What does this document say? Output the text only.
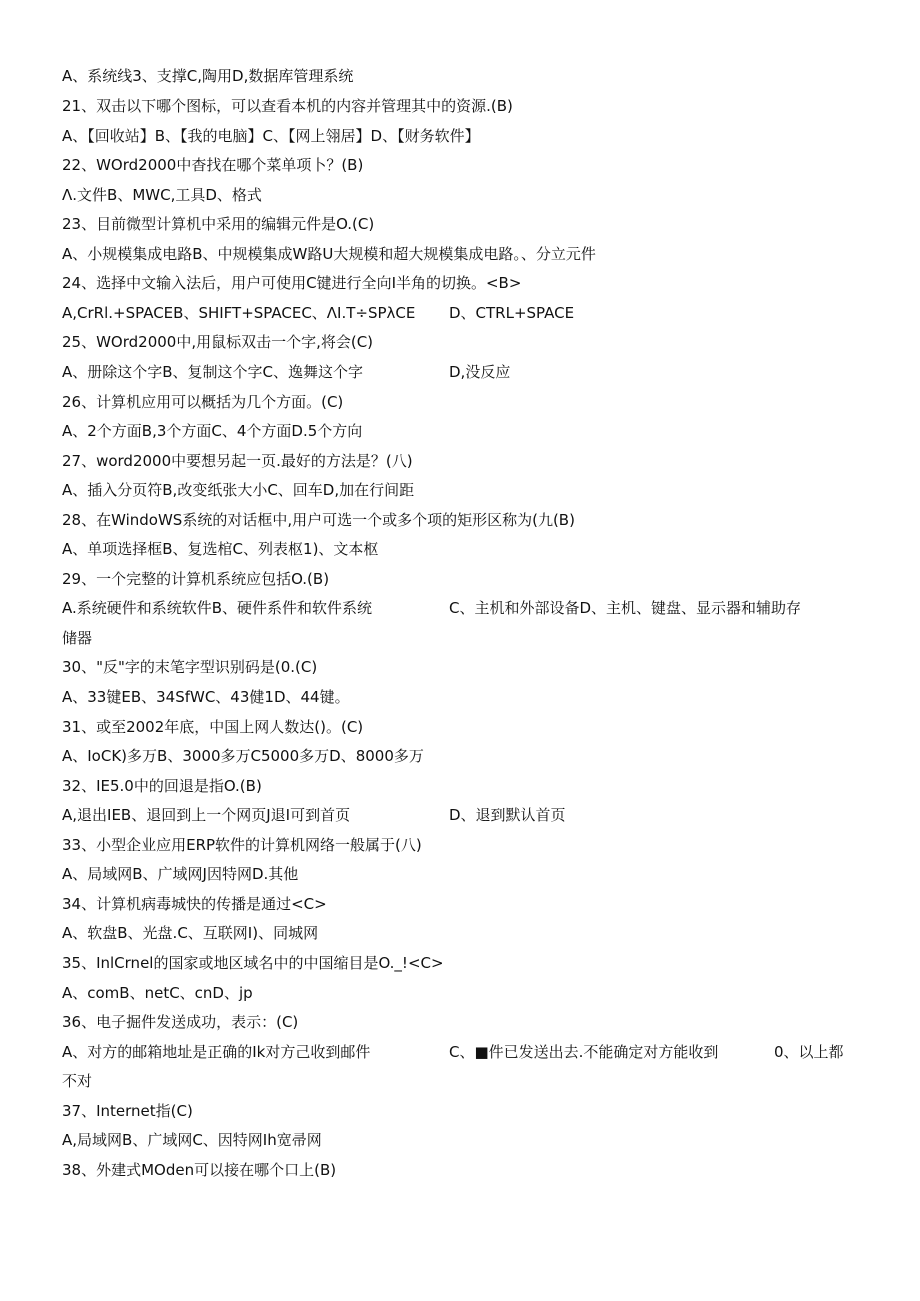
A、系统线3、支撑C,陶用D,数据库管理系统
21、双击以下哪个图标，可以查看本机的内容并管理其中的资源.(B)
A、【回收站】B、【我的电脑】C、【网上翎居】D、【财务软件】
22、WOrd2000中杳找在哪个菜单项卜？(B)
Λ.文件B、MWC,工具D、格式
23、目前微型计算机中采用的编辑元件是O.(C)
A、小规模集成电路B、中规模集成W路U大规模和超大规模集成电路。、分立元件
24、选择中文输入法后，用户可使用C键进行全向I半角的切换。<B>
A,CrRl.+SPACEB、SHIFT+SPACEC、ΛI.T÷SPλCE D、CTRL+SPACE
25、WOrd2000中,用鼠标双击一个字,将会(C)
A、册除这个字B、复制这个字C、逸舞这个字	D,没反应
26、计算机应用可以概括为几个方面。(C)
A、2个方面B,3个方面C、4个方面D.5个方向
27、word2000中要想另起一页.最好的方法是？(八)
A、插入分页符B,改变纸张大小C、回车D,加在行间距
28、在WindoWS系统的对话框中,用户可选一个或多个项的矩形区称为(九(B)
A、单项选择框B、复选棺C、列表枢1)、文本枢
29、一个完整的计算机系统应包括O.(B)
A.系统硬件和系统软件B、硬件系件和软件系统	C、主机和外部设备D、主机、键盘、显示器和辅助存
储器
30、"反"字的末笔字型识别码是(0.(C)
A、33键EB、34SfWC、43健1D、44键。
31、或至2002年底，中国上网人数达()。(C)
A、IoCK)多万B、3000多万C5000多万D、8000多万
32、IE5.0中的回退是指O.(B)
A,退出IEB、退回到上一个网页J退I可到首页	D、退到默认首页
33、小型企业应用ERP软件的计算机网络一般属于(八)
A、局域网B、广域网J因特网D.其他
34、计算机病毒城快的传播是通过<C>
A、软盘B、光盘.C、互联网I)、同城网
35、InlCrnel的国家或地区域名中的中国缩目是O._!<C>
A、comB、netC、cnD、jp
36、电子掘件发送成功，表示：(C)
A、对方的邮箱地址是正确的Ik对方己收到邮件	C、■件已发送出去.不能确定对方能收到	0、以上都
不对
37、Internet指(C)
A,局域网B、广域网C、因特网Ih宽帚网
38、外建式MOden可以接在哪个口上(B)
